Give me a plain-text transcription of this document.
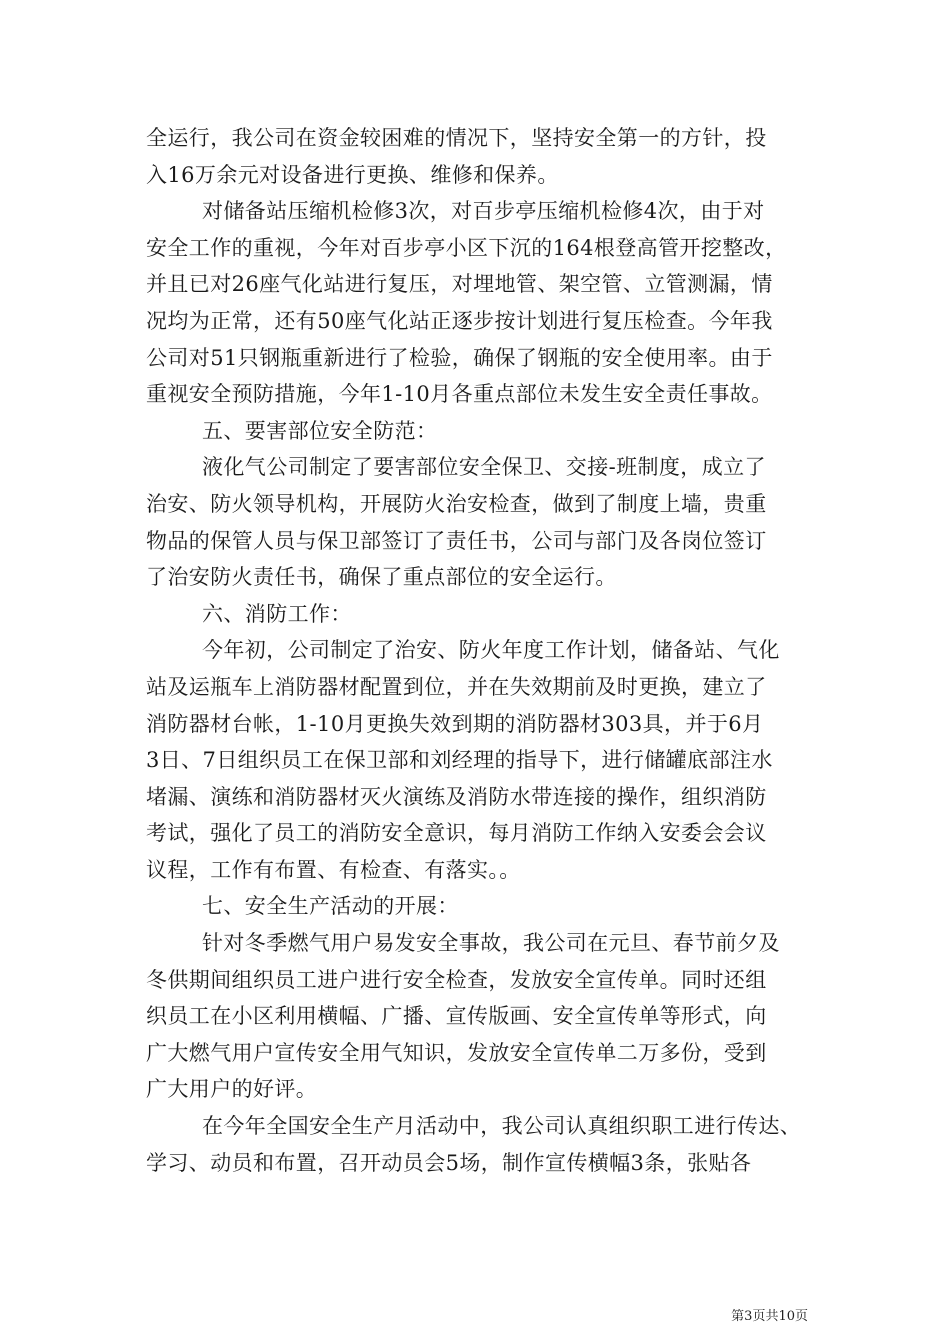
全运行，我公司在资金较困难的情况下，坚持安全第一的方针，投
入16万余元对设备进行更换、维修和保养。
对储备站压缩机检修3次，对百步亭压缩机检修4次，由于对
安全工作的重视，今年对百步亭小区下沉的164根登高管开挖整改，
并且已对26座气化站进行复压，对埋地管、架空管、立管测漏，情
况均为正常，还有50座气化站正逐步按计划进行复压检查。今年我
公司对51只钢瓶重新进行了检验，确保了钢瓶的安全使用率。由于
重视安全预防措施，今年1-10月各重点部位未发生安全责任事故。
五、要害部位安全防范：
液化气公司制定了要害部位安全保卫、交接-班制度，成立了
治安、防火领导机构，开展防火治安检查，做到了制度上墙，贵重
物品的保管人员与保卫部签订了责任书，公司与部门及各岗位签订
了治安防火责任书，确保了重点部位的安全运行。
六、消防工作：
今年初，公司制定了治安、防火年度工作计划，储备站、气化
站及运瓶车上消防器材配置到位，并在失效期前及时更换，建立了
消防器材台帐，1-10月更换失效到期的消防器材303具，并于6月
3日、7日组织员工在保卫部和刘经理的指导下，进行储罐底部注水
堵漏、演练和消防器材灭火演练及消防水带连接的操作，组织消防
考试，强化了员工的消防安全意识，每月消防工作纳入安委会会议
议程，工作有布置、有检查、有落实。。
七、安全生产活动的开展：
针对冬季燃气用户易发安全事故，我公司在元旦、春节前夕及
冬供期间组织员工进户进行安全检查，发放安全宣传单。同时还组
织员工在小区利用横幅、广播、宣传版画、安全宣传单等形式，向
广大燃气用户宣传安全用气知识，发放安全宣传单二万多份，受到
广大用户的好评。
在今年全国安全生产月活动中，我公司认真组织职工进行传达、
学习、动员和布置，召开动员会5场，制作宣传横幅3条，张贴各
第3页共10页
